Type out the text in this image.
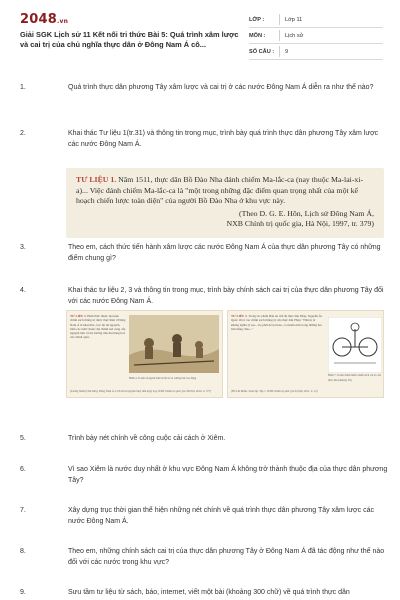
2048.vn
Giải SGK Lịch sử 11 Kết nối tri thức Bài 5: Quá trình xâm lược và cai trị của chủ nghĩa thực dân ở Đông Nam Á cô...
LỚP :	Lớp 11
MÔN :	Lịch sử
SỐ CÂU :	9
1.	Quá trình thực dân phương Tây xâm lược và cai trị ở các nước Đông Nam Á diễn ra như thế nào?
2.	Khai thác Tư liệu 1(tr.31) và thông tin trong mục, trình bày quá trình thực dân phương Tây xâm lược các nước Đông Nam Á.
TƯ LIỆU 1. Năm 1511, thực dân Bồ Đào Nha đánh chiếm Ma-lắc-ca (nay thuộc Ma-lai-xi-a)... Việc đánh chiếm Ma-lắc-ca là "một trong những đặc điểm quan trọng nhất của một kế hoạch chiến lược toàn diện" của người Bồ Đào Nha ở khu vực này.
(Theo D. G. E. Hôn, Lịch sử Đông Nam Á,
NXB Chính trị quốc gia, Hà Nội, 1997, tr. 379)
3.	Theo em, cách thức tiến hành xâm lược các nước Đông Nam Á của thực dân phương Tây có những điểm chung gì?
4.	Khai thác tư liệu 2, 3 và thông tin trong mục, trình bày chính sách cai trị của thực dân phương Tây đối với các nước Đông Nam Á.
TƯ LIỆU 2. Hình thức thuộc địa kiểu chính sách thống trị được thực hiện ở Đông Nam Á là khai thác, bóc lột tài nguyên, biến các nước thuộc địa thành nơi cung cấp nguyên liệu và thị trường tiêu thụ hàng hóa của chính quốc.
Hình 4. Tranh vẽ người dân bị bắt tù và cưỡng bức lao động
(Lương Ninh (Chủ biên), Đông Nam Á, Lịch sử từ nguyên thuỷ đến ngày nay, NXB Chính trị quốc gia, Hà Nội, 2016, tr. 377)
TƯ LIỆU 3. Trong tác phẩm Bản án chế độ thực dân Pháp, Nguyễn Ái Quốc đã tố cáo chính sách thống trị của thực dân Pháp: "Nhà tù là không nghĩa lý sao... họ phải để nơi kéo, có muốn mời trong những hai bán tiếng chào..."
Hình 7. Tranh châm biếm chính sách cai trị của thực dân phương Tây
(Hồ Chí Minh, Toàn tập, Tập 1, NXB Chính trị quốc gia Sự thật, 2011, tr. 12)
5.	Trình bày nét chính về công cuộc cải cách ở Xiêm.
6.	Vì sao Xiêm là nước duy nhất ở khu vực Đông Nam Á không trở thành thuộc địa của thực dân phương Tây?
7.	Xây dựng trục thời gian thể hiện những nét chính về quá trình thực dân phương Tây xâm lược các nước Đông Nam Á.
8.	Theo em, những chính sách cai trị của thực dân phương Tây ở Đông Nam Á đã tác động như thế nào đối với các nước trong khu vực?
9.	Sưu tầm tư liệu từ sách, báo, internet, viết một bài (khoảng 300 chữ) về quá trình thực dân
